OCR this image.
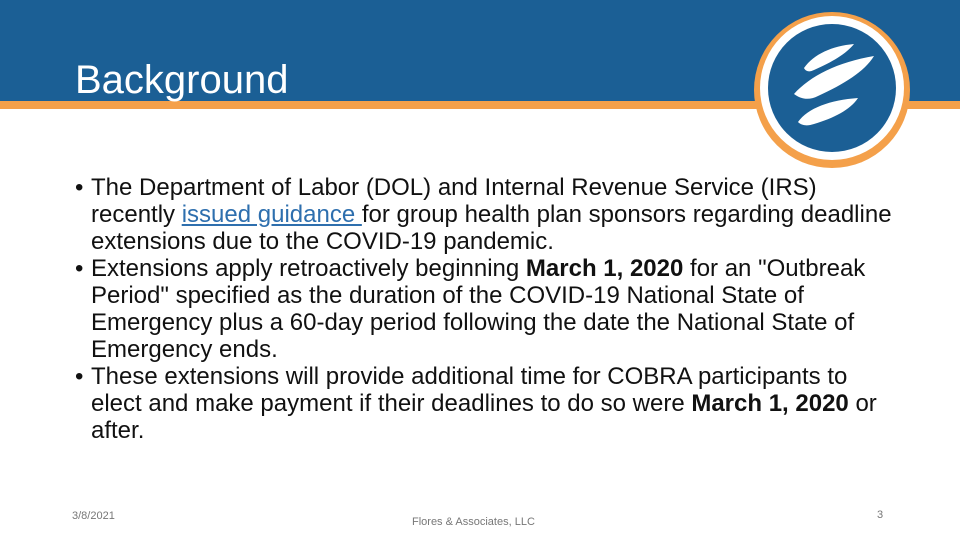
Background

• The Department of Labor (DOL) and Internal Revenue Service (IRS) recently issued guidance for group health plan sponsors regarding deadline extensions due to the COVID-19 pandemic.

• Extensions apply retroactively beginning March 1, 2020 for an "Outbreak Period" specified as the duration of the COVID-19 National State of Emergency plus a 60-day period following the date the National State of Emergency ends.

• These extensions will provide additional time for COBRA participants to elect and make payment if their deadlines to do so were March 1, 2020 or after.

3/8/2021	Flores & Associates, LLC
3
